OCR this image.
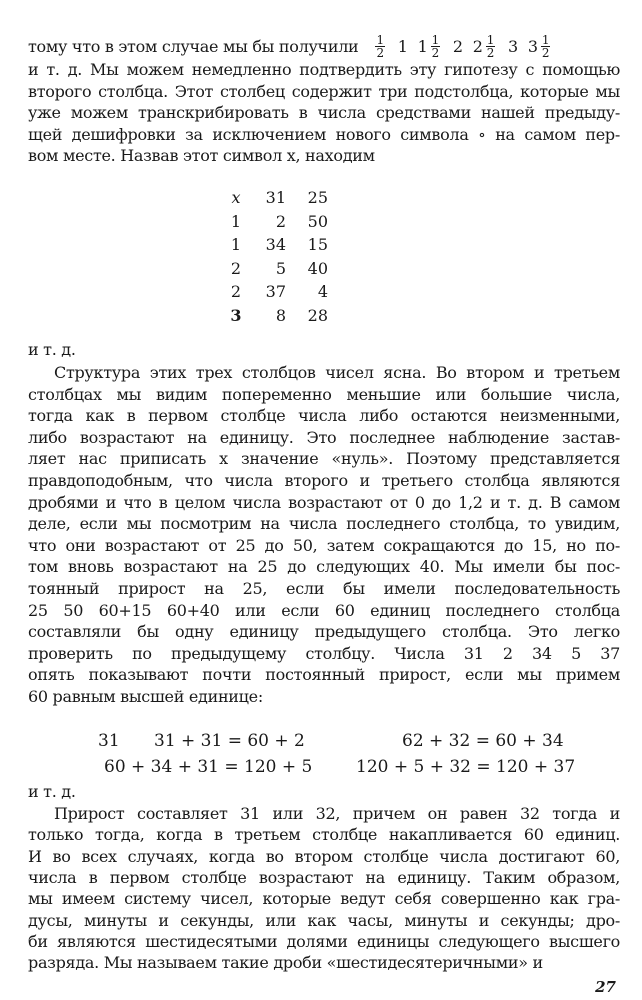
тому что в этом случае мы бы получили $\frac{1}{2} 1$ $1 \frac{1}{2} 2$ $2 \frac{1}{2} 3$ $3 \frac{1}{2}$
и т. д. Мы можем немедленно подтвердить эту гипотезу с помощью
второго столбца. Этот столбец содержит три подстолбца, которые мы
уже можем транскрибировать в числа средствами нашей предыду-
щей дешифровки за исключением нового символа ∘ на самом пер-
вом месте. Назвав этот символ x, находим
x	31	25
1	2	50
1	34	15
2	5	40
2	37	4
3	8	28
и т. д.
Структура этих трех столбцов чисел ясна. Во втором и третьем
столбцах мы видим попеременно меньшие или большие числа,
тогда как в первом столбце числа либо остаются неизменными,
либо возрастают на единицу. Это последнее наблюдение застав-
ляет нас приписать x значение «нуль». Поэтому представляется
правдоподобным, что числа второго и третьего столбца являются
дробями и что в целом числа возрастают от 0 до 1,2 и т. д. В самом
деле, если мы посмотрим на числа последнего столбца, то увидим,
что они возрастают от 25 до 50, затем сокращаются до 15, но по-
том вновь возрастают на 25 до следующих 40. Мы имели бы пос-
тоянный прирост на 25, если бы имели последовательность
25 50 60+15 60+40 или если 60 единиц последнего столбца
составляли бы одну единицу предыдущего столбца. Это легко
проверить по предыдущему столбцу. Числа 31 2 34 5 37
опять показывают почти постоянный прирост, если мы примем
60 равным высшей единице:
31 31 + 31 = 60 + 2	62 + 32 = 60 + 34
60 + 34 + 31 = 120 + 5	120 + 5 + 32 = 120 + 37
и т. д.
Прирост составляет 31 или 32, причем он равен 32 тогда и
только тогда, когда в третьем столбце накапливается 60 единиц.
И во всех случаях, когда во втором столбце числа достигают 60,
числа в первом столбце возрастают на единицу. Таким образом,
мы имеем систему чисел, которые ведут себя совершенно как гра-
дусы, минуты и секунды, или как часы, минуты и секунды; дро-
би являются шестидесятыми долями единицы следующего высшего
разряда. Мы называем такие дроби «шестидесятеричными» и
27
